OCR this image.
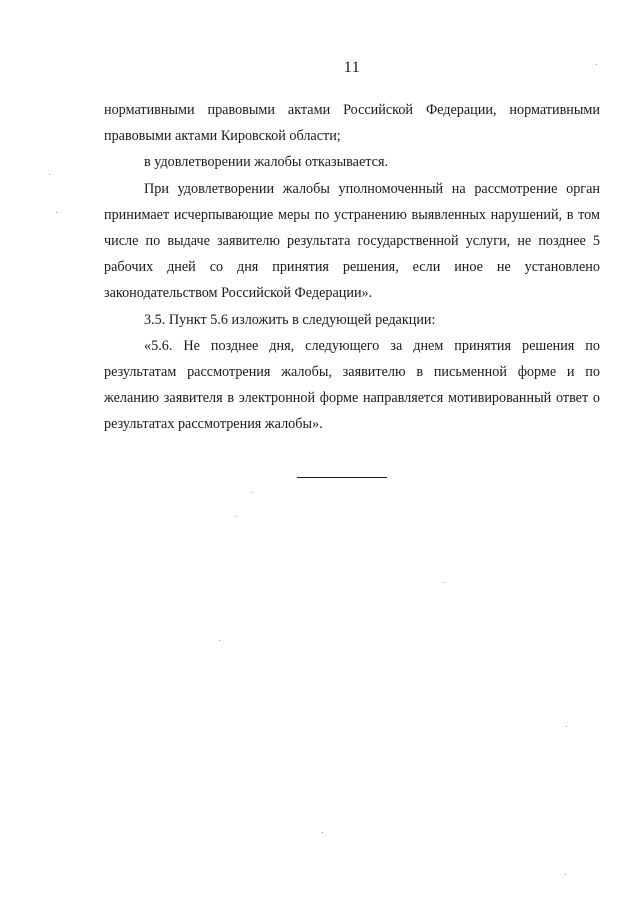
11

нормативными правовыми актами Российской Федерации, нормативными правовыми актами Кировской области;

в удовлетворении жалобы отказывается.

При удовлетворении жалобы уполномоченный на рассмотрение орган принимает исчерпывающие меры по устранению выявленных нарушений, в том числе по выдаче заявителю результата государственной услуги, не позднее 5 рабочих дней со дня принятия решения, если иное не установлено законодательством Российской Федерации».

3.5. Пункт 5.6 изложить в следующей редакции:

«5.6. Не позднее дня, следующего за днем принятия решения по результатам рассмотрения жалобы, заявителю в письменной форме и по желанию заявителя в электронной форме направляется мотивированный ответ о результатах рассмотрения жалобы».
